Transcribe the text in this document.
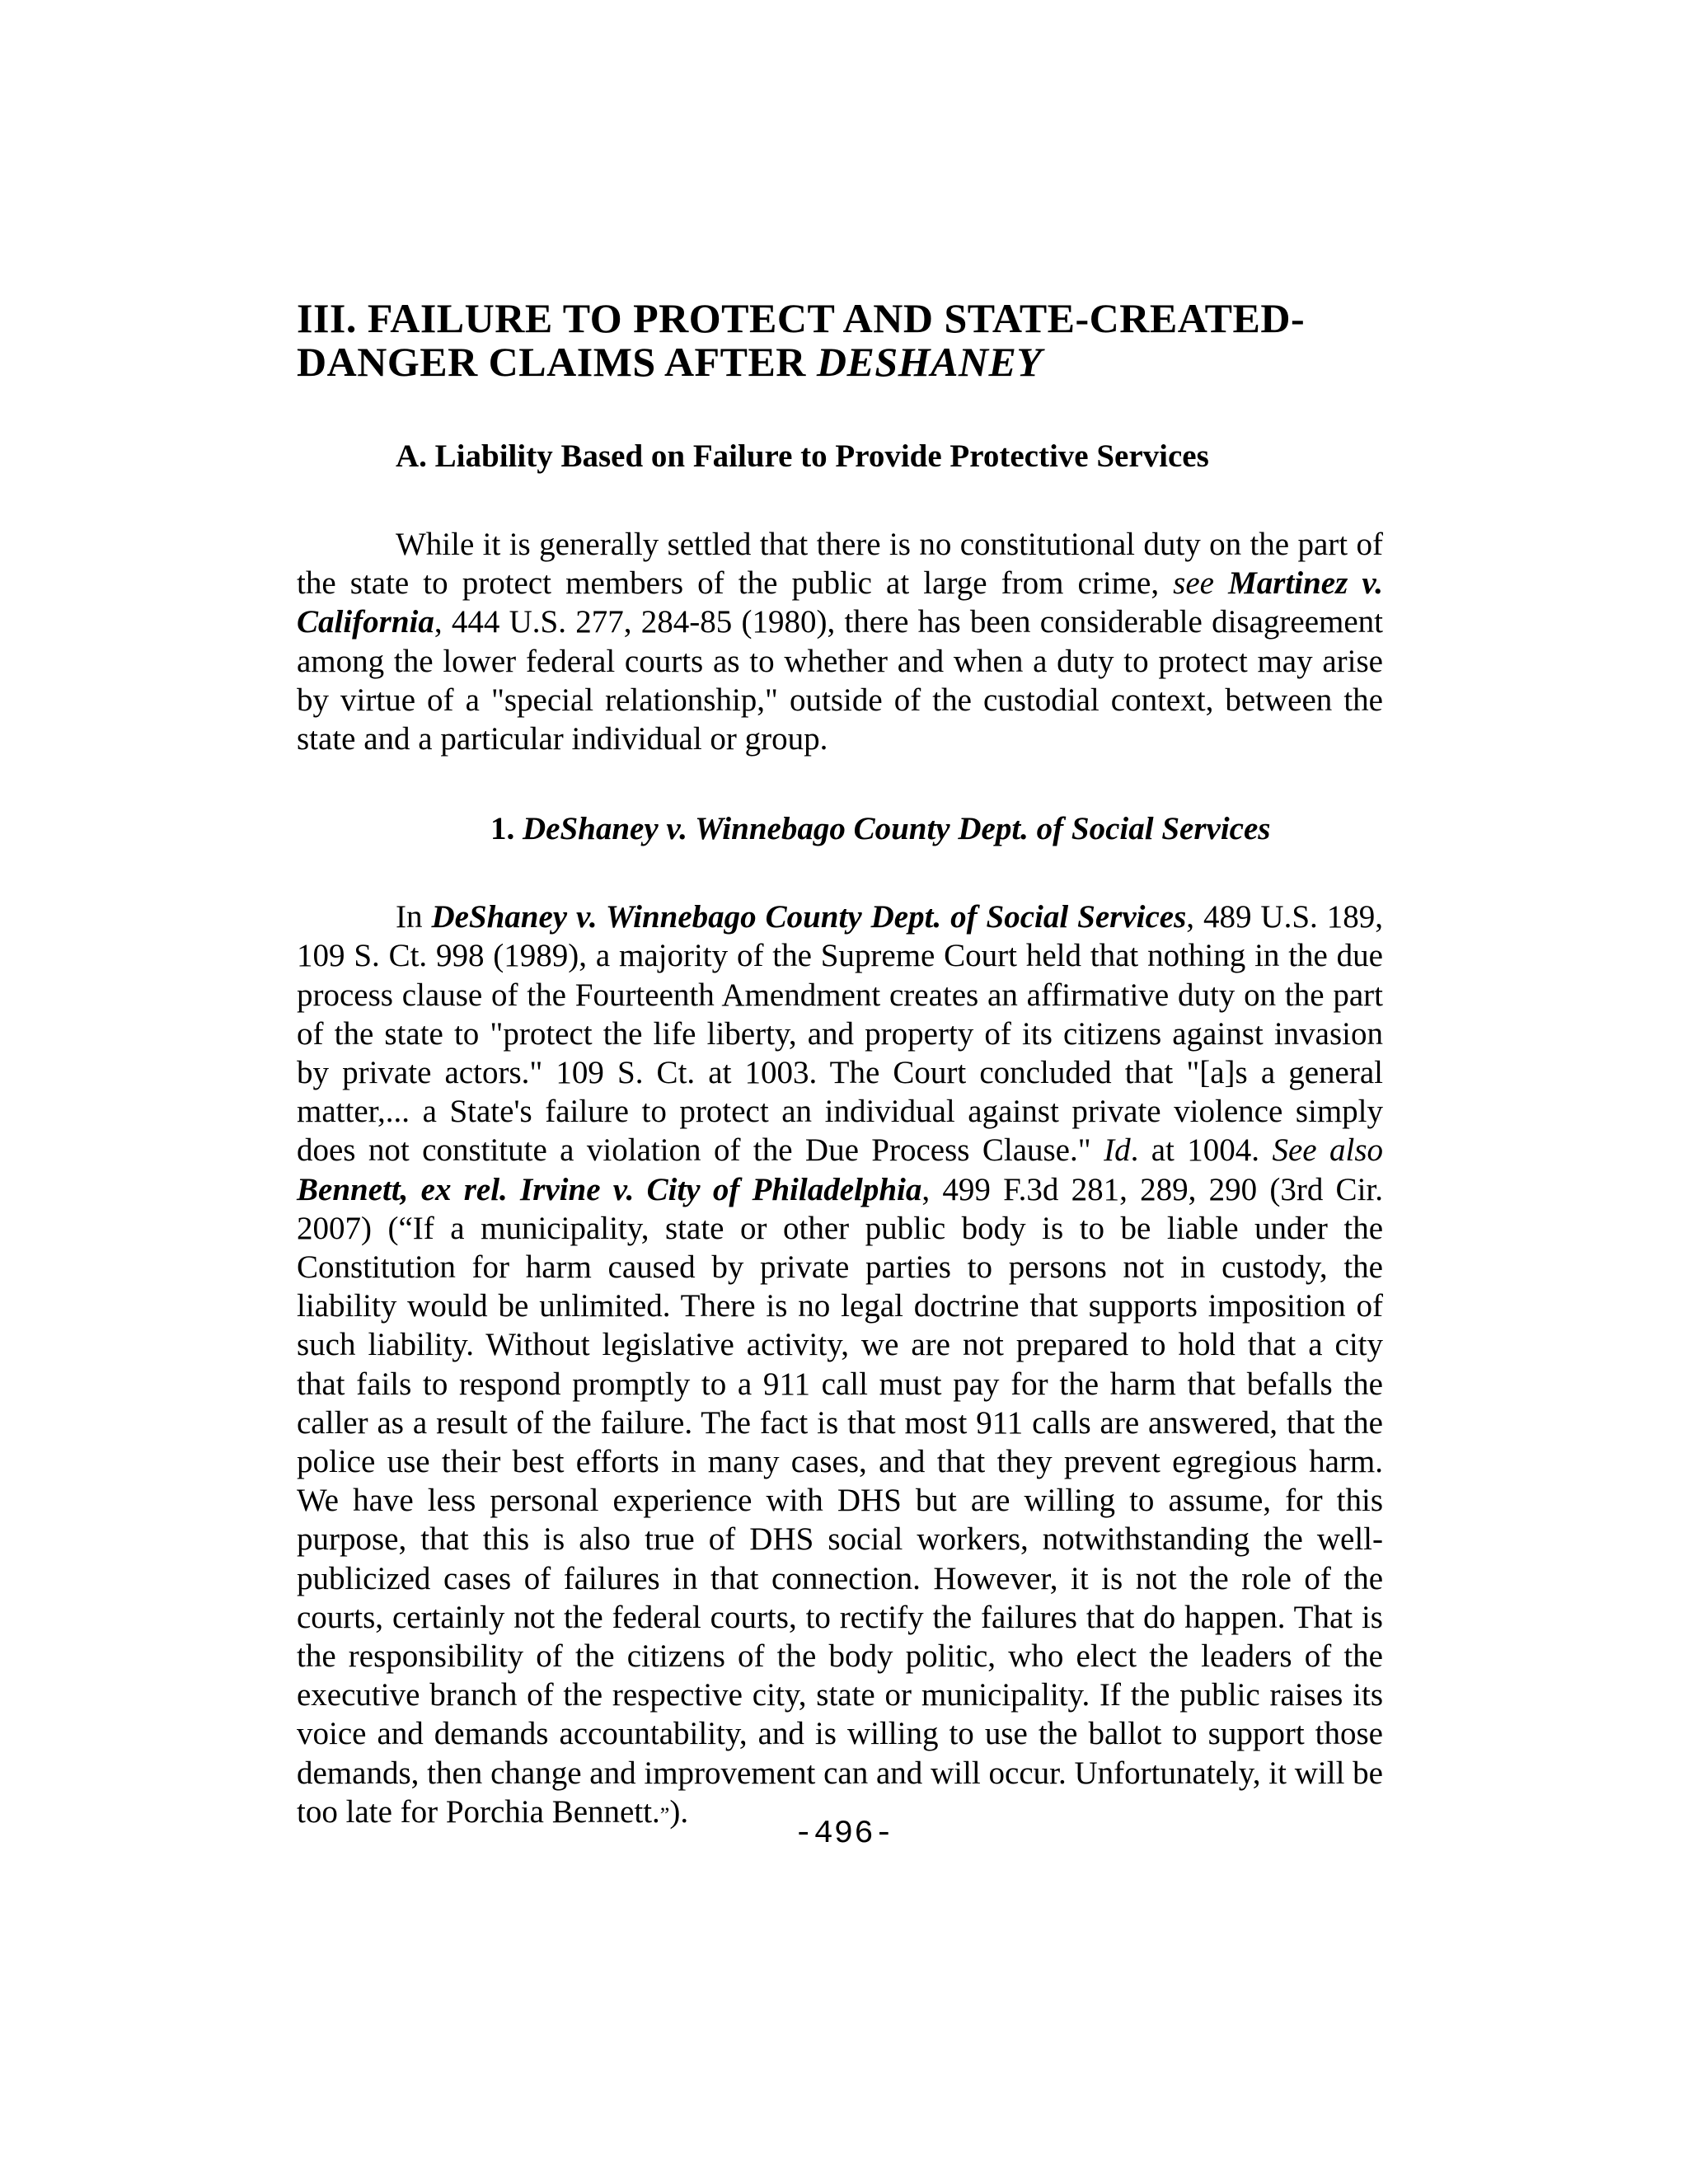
III. FAILURE TO PROTECT AND STATE-CREATED-
DANGER CLAIMS AFTER DESHANEY
A. Liability Based on Failure to Provide Protective Services

While it is generally settled that there is no constitutional duty on the part of the state to protect members of the public at large from crime, see Martinez v. California, 444 U.S. 277, 284-85 (1980), there has been considerable disagreement among the lower federal courts as to whether and when a duty to protect may arise by virtue of a "special relationship," outside of the custodial context, between the state and a particular individual or group.

1. DeShaney v. Winnebago County Dept. of Social Services

In DeShaney v. Winnebago County Dept. of Social Services, 489 U.S. 189, 109 S. Ct. 998 (1989), a majority of the Supreme Court held that nothing in the due process clause of the Fourteenth Amendment creates an affirmative duty on the part of the state to "protect the life liberty, and property of its citizens against invasion by private actors." 109 S. Ct. at 1003. The Court concluded that "[a]s a general matter,... a State's failure to protect an individual against private violence simply does not constitute a violation of the Due Process Clause." Id. at 1004. See also Bennett, ex rel. Irvine v. City of Philadelphia, 499 F.3d 281, 289, 290 (3rd Cir. 2007) (“If a municipality, state or other public body is to be liable under the Constitution for harm caused by private parties to persons not in custody, the liability would be unlimited. There is no legal doctrine that supports imposition of such liability. Without legislative activity, we are not prepared to hold that a city that fails to respond promptly to a 911 call must pay for the harm that befalls the caller as a result of the failure. The fact is that most 911 calls are answered, that the police use their best efforts in many cases, and that they prevent egregious harm. We have less personal experience with DHS but are willing to assume, for this purpose, that this is also true of DHS social workers, notwithstanding the well-publicized cases of failures in that connection. However, it is not the role of the courts, certainly not the federal courts, to rectify the failures that do happen. That is the responsibility of the citizens of the body politic, who elect the leaders of the executive branch of the respective city, state or municipality. If the public raises its voice and demands accountability, and is willing to use the ballot to support those demands, then change and improvement can and will occur. Unfortunately, it will be too late for Porchia Bennett.”).

-496-
